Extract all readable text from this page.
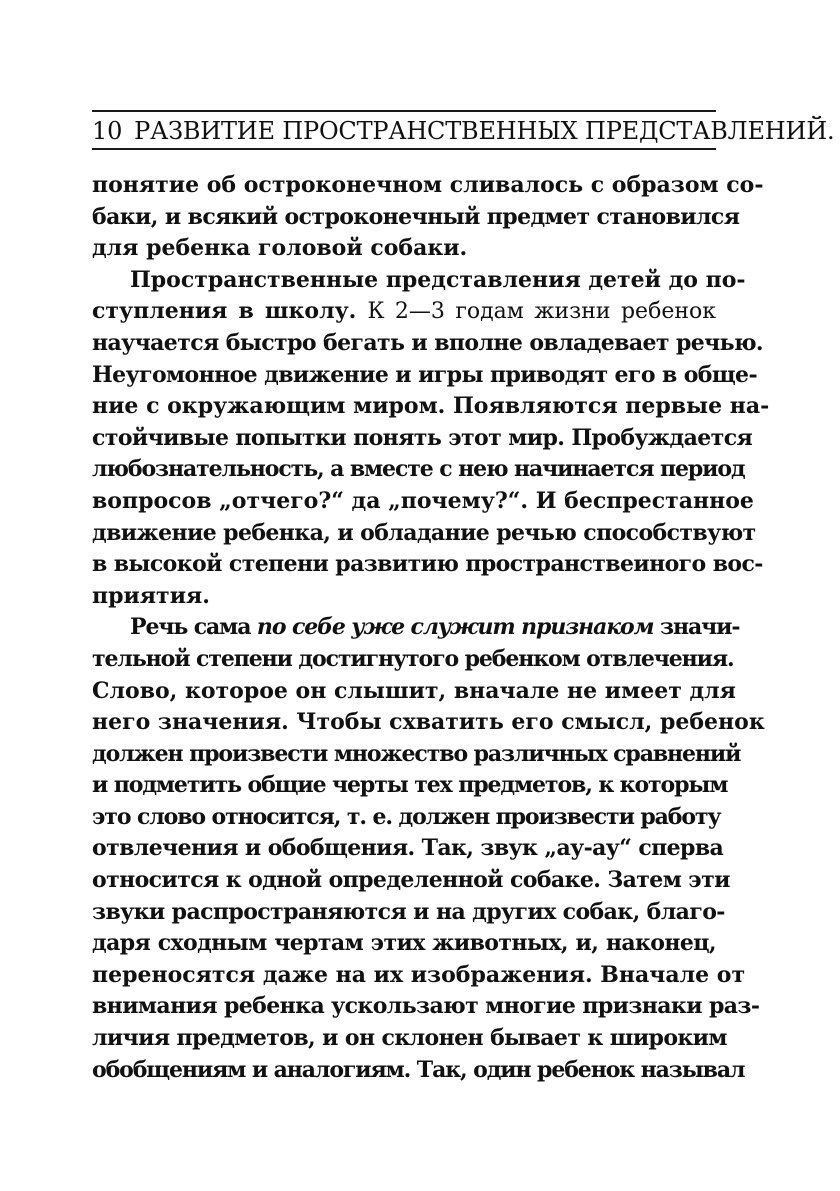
10 РАЗВИТИЕ ПРОСТРАНСТВЕННЫХ ПРЕДСТАВЛЕНИЙ.
понятие об остроконечном сливалось с образом со-
баки, и всякий остроконечный предмет становился
для ребенка головой собаки.
Пространственные представления детей до по-
ступления в школу. К 2—3 годам жизни ребенок
научается быстро бегать и вполне овладевает речью.
Неугомонное движение и игры приводят его в обще-
ние с окружающим миром. Появляются первые на-
стойчивые попытки понять этот мир. Пробуждается
любознательность, а вместе с нею начинается период
вопросов „отчего?“ да „почему?“. И беспрестанное
движение ребенка, и обладание речью способствуют
в высокой степени развитию пространствеиного вос-
приятия.
Речь сама по себе уже служит признаком значи-
тельной степени достигнутого ребенком отвлечения.
Слово, которое он слышит, вначале не имеет для
него значения. Чтобы схватить его смысл, ребенок
должен произвести множество различных сравнений
и подметить общие черты тех предметов, к которым
это слово относится, т. е. должен произвести работу
отвлечения и обобщения. Так, звук „ау-ау“ сперва
относится к одной определенной собаке. Затем эти
звуки распространяются и на других собак, благо-
даря сходным чертам этих животных, и, наконец,
переносятся даже на их изображения. Вначале от
внимания ребенка ускользают многие признаки раз-
личия предметов, и он склонен бывает к широким
обобщениям и аналогиям. Так, один ребенок называл
